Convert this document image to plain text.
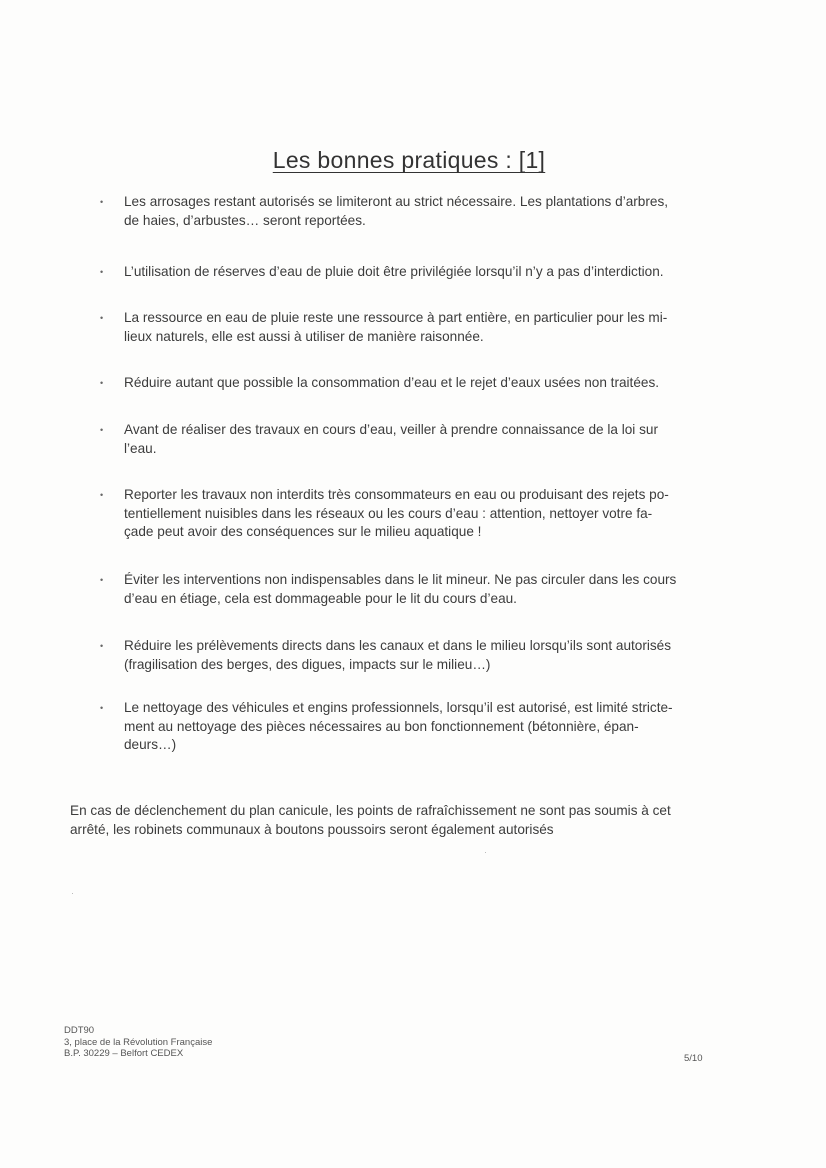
Les bonnes pratiques : [1]
• Les arrosages restant autorisés se limiteront au strict nécessaire. Les plantations d’arbres,
de haies, d’arbustes… seront reportées.
• L’utilisation de réserves d’eau de pluie doit être privilégiée lorsqu’il n’y a pas d’interdiction.
• La ressource en eau de pluie reste une ressource à part entière, en particulier pour les mi-
lieux naturels, elle est aussi à utiliser de manière raisonnée.
• Réduire autant que possible la consommation d’eau et le rejet d’eaux usées non traitées.
• Avant de réaliser des travaux en cours d’eau, veiller à prendre connaissance de la loi sur
l’eau.
• Reporter les travaux non interdits très consommateurs en eau ou produisant des rejets po-
tentiellement nuisibles dans les réseaux ou les cours d’eau : attention, nettoyer votre fa-
çade peut avoir des conséquences sur le milieu aquatique !
• Éviter les interventions non indispensables dans le lit mineur. Ne pas circuler dans les cours
d’eau en étiage, cela est dommageable pour le lit du cours d’eau.
• Réduire les prélèvements directs dans les canaux et dans le milieu lorsqu’ils sont autorisés
(fragilisation des berges, des digues, impacts sur le milieu…)
• Le nettoyage des véhicules et engins professionnels, lorsqu’il est autorisé, est limité stricte-
ment au nettoyage des pièces nécessaires au bon fonctionnement (bétonnière, épan-
deurs…)

En cas de déclenchement du plan canicule, les points de rafraîchissement ne sont pas soumis à cet
arrêté, les robinets communaux à boutons poussoirs seront également autorisés

DDT90
3, place de la Révolution Française
B.P. 30229 – Belfort CEDEX	5/10
